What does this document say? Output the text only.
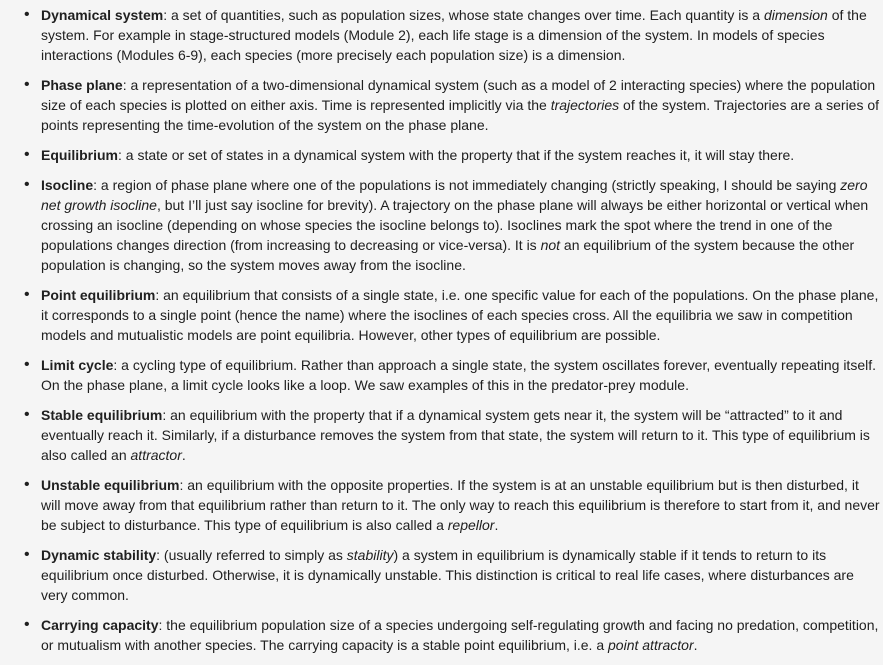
• Dynamical system: a set of quantities, such as population sizes, whose state changes over time. Each quantity is a dimension of the system. For example in stage-structured models (Module 2), each life stage is a dimension of the system. In models of species interactions (Modules 6-9), each species (more precisely each population size) is a dimension.
• Phase plane: a representation of a two-dimensional dynamical system (such as a model of 2 interacting species) where the population size of each species is plotted on either axis. Time is represented implicitly via the trajectories of the system. Trajectories are a series of points representing the time-evolution of the system on the phase plane.
• Equilibrium: a state or set of states in a dynamical system with the property that if the system reaches it, it will stay there.
• Isocline: a region of phase plane where one of the populations is not immediately changing (strictly speaking, I should be saying zero net growth isocline, but I’ll just say isocline for brevity). A trajectory on the phase plane will always be either horizontal or vertical when crossing an isocline (depending on whose species the isocline belongs to). Isoclines mark the spot where the trend in one of the populations changes direction (from increasing to decreasing or vice-versa). It is not an equilibrium of the system because the other population is changing, so the system moves away from the isocline.
• Point equilibrium: an equilibrium that consists of a single state, i.e. one specific value for each of the populations. On the phase plane, it corresponds to a single point (hence the name) where the isoclines of each species cross. All the equilibria we saw in competition models and mutualistic models are point equilibria. However, other types of equilibrium are possible.
• Limit cycle: a cycling type of equilibrium. Rather than approach a single state, the system oscillates forever, eventually repeating itself. On the phase plane, a limit cycle looks like a loop. We saw examples of this in the predator-prey module.
• Stable equilibrium: an equilibrium with the property that if a dynamical system gets near it, the system will be “attracted” to it and eventually reach it. Similarly, if a disturbance removes the system from that state, the system will return to it. This type of equilibrium is also called an attractor.
• Unstable equilibrium: an equilibrium with the opposite properties. If the system is at an unstable equilibrium but is then disturbed, it will move away from that equilibrium rather than return to it. The only way to reach this equilibrium is therefore to start from it, and never be subject to disturbance. This type of equilibrium is also called a repellor.
• Dynamic stability: (usually referred to simply as stability) a system in equilibrium is dynamically stable if it tends to return to its equilibrium once disturbed. Otherwise, it is dynamically unstable. This distinction is critical to real life cases, where disturbances are very common.
• Carrying capacity: the equilibrium population size of a species undergoing self-regulating growth and facing no predation, competition, or mutualism with another species. The carrying capacity is a stable point equilibrium, i.e. a point attractor.
